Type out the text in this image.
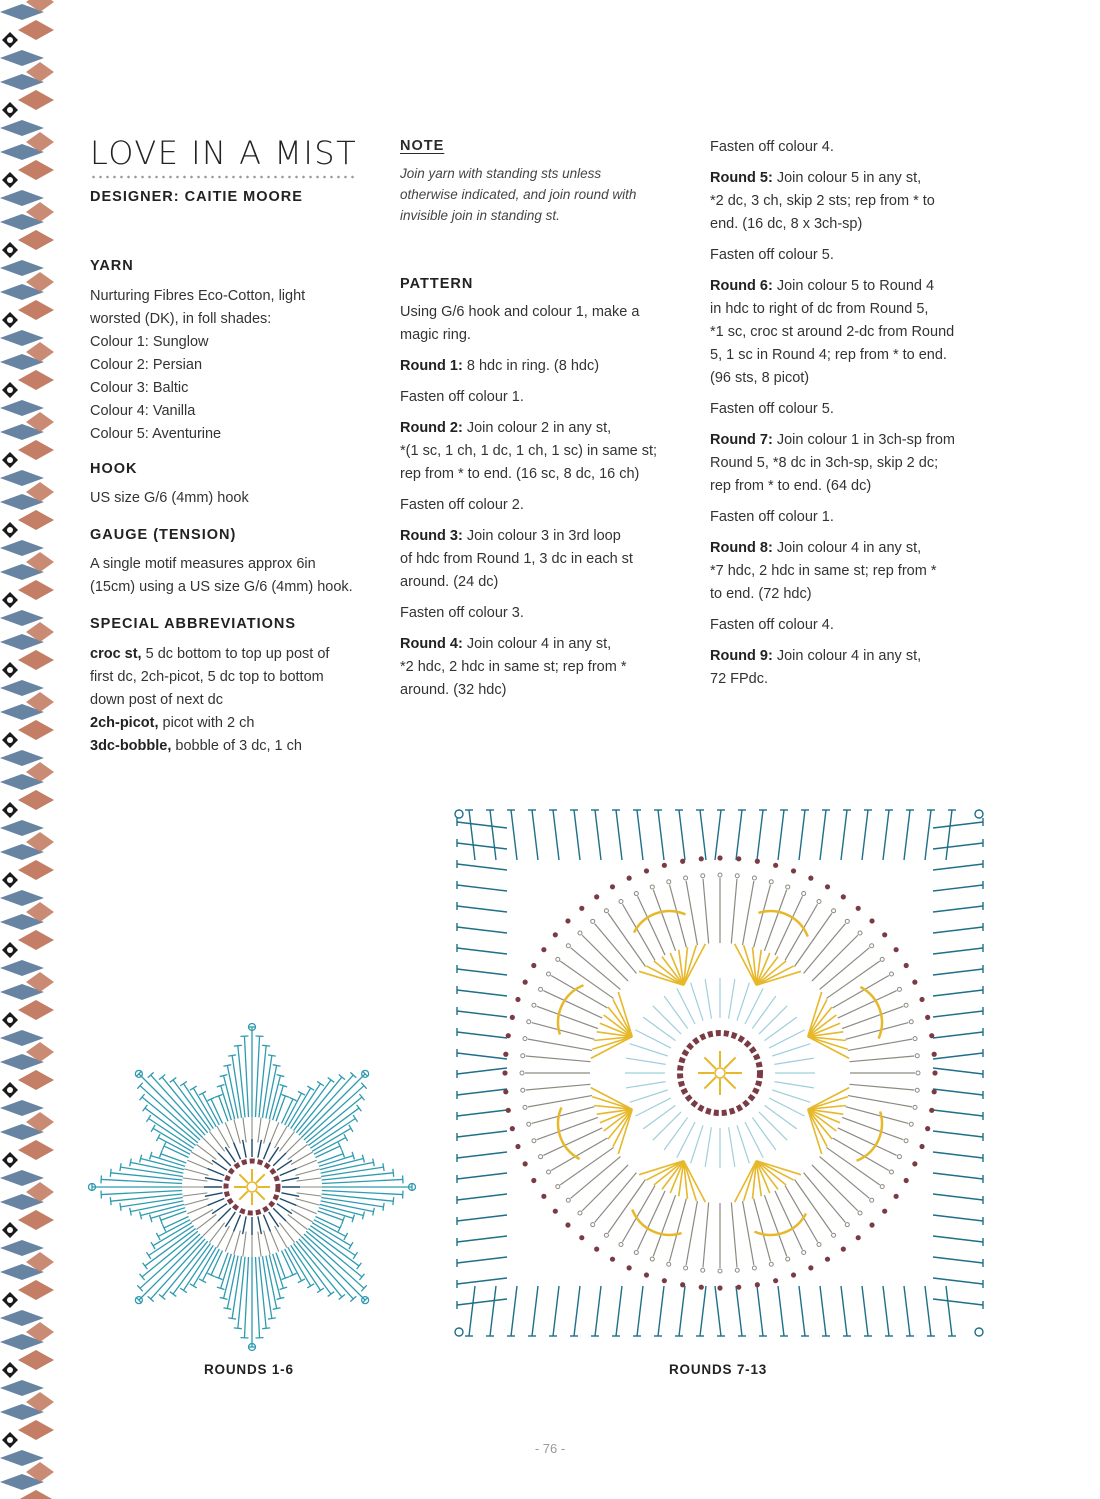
LOVE IN A MIST
DESIGNER: CAITIE MOORE
YARN
Nurturing Fibres Eco-Cotton, light
worsted (DK), in foll shades:
Colour 1: Sunglow
Colour 2: Persian
Colour 3: Baltic
Colour 4: Vanilla
Colour 5: Aventurine
HOOK
US size G/6 (4mm) hook
GAUGE (TENSION)
A single motif measures approx 6in
(15cm) using a US size G/6 (4mm) hook.
SPECIAL ABBREVIATIONS
croc st, 5 dc bottom to top up post of
first dc, 2ch-picot, 5 dc top to bottom
down post of next dc
2ch-picot, picot with 2 ch
3dc-bobble, bobble of 3 dc, 1 ch
NOTE
Join yarn with standing sts unless
otherwise indicated, and join round with
invisible join in standing st.
PATTERN
Using G/6 hook and colour 1, make a
magic ring.
Round 1: 8 hdc in ring. (8 hdc)
Fasten off colour 1.
Round 2: Join colour 2 in any st,
*(1 sc, 1 ch, 1 dc, 1 ch, 1 sc) in same st;
rep from * to end. (16 sc, 8 dc, 16 ch)
Fasten off colour 2.
Round 3: Join colour 3 in 3rd loop
of hdc from Round 1, 3 dc in each st
around. (24 dc)
Fasten off colour 3.
Round 4: Join colour 4 in any st,
*2 hdc, 2 hdc in same st; rep from *
around. (32 hdc)
Fasten off colour 4.
Round 5: Join colour 5 in any st,
*2 dc, 3 ch, skip 2 sts; rep from * to
end. (16 dc, 8 x 3ch-sp)
Fasten off colour 5.
Round 6: Join colour 5 to Round 4
in hdc to right of dc from Round 5,
*1 sc, croc st around 2-dc from Round
5, 1 sc in Round 4; rep from * to end.
(96 sts, 8 picot)
Fasten off colour 5.
Round 7: Join colour 1 in 3ch-sp from
Round 5, *8 dc in 3ch-sp, skip 2 dc;
rep from * to end. (64 dc)
Fasten off colour 1.
Round 8: Join colour 4 in any st,
*7 hdc, 2 hdc in same st; rep from *
to end. (72 hdc)
Fasten off colour 4.
Round 9: Join colour 4 in any st,
72 FPdc.
ROUNDS 1-6	ROUNDS 7-13
- 76 -
